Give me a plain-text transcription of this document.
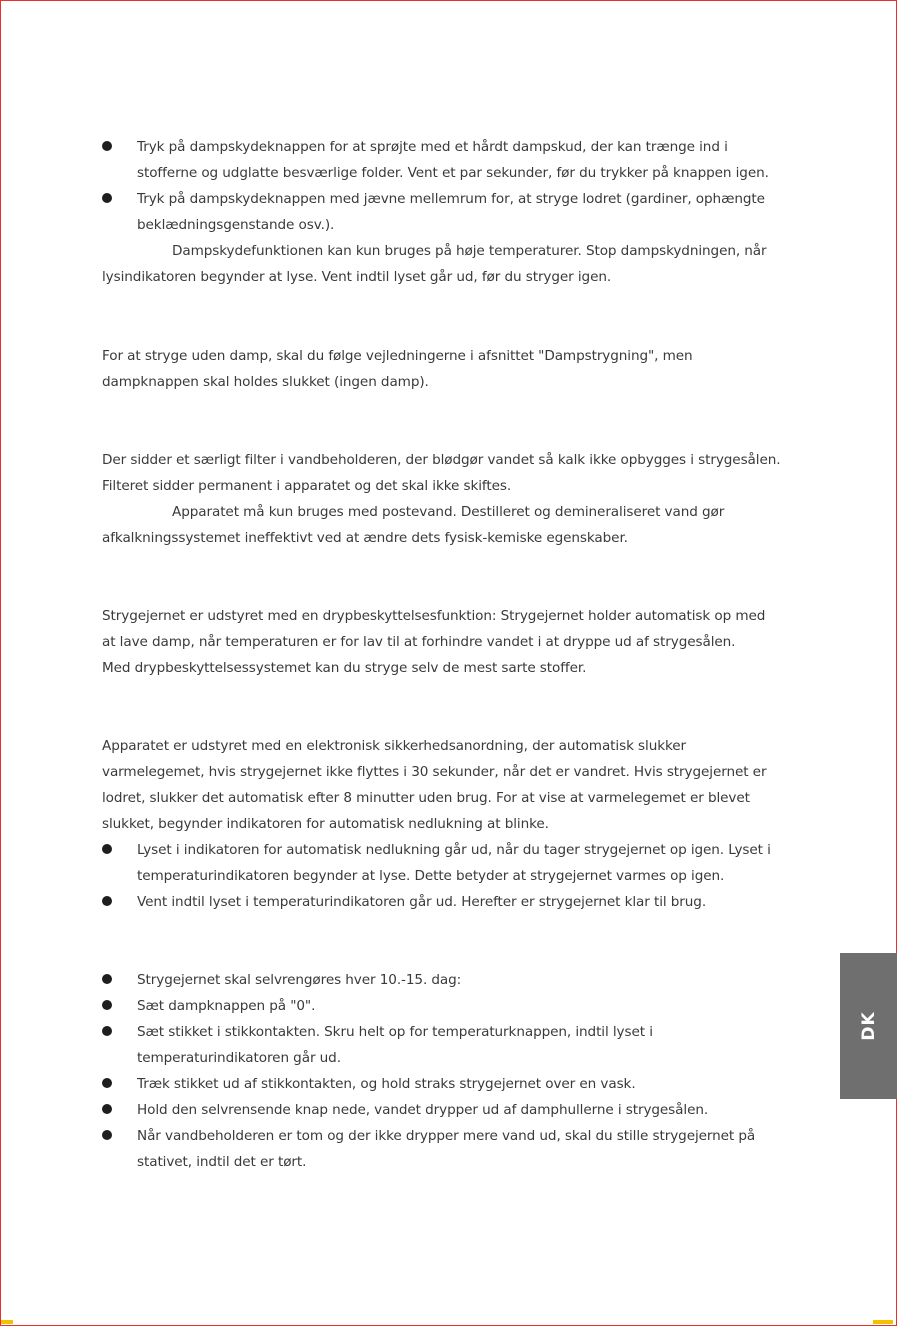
Tryk på dampskydeknappen for at sprøjte med et hårdt dampskud, der kan trænge ind i
stofferne og udglatte besværlige folder. Vent et par sekunder, før du trykker på knappen igen.
Tryk på dampskydeknappen med jævne mellemrum for, at stryge lodret (gardiner, ophængte
beklædningsgenstande osv.).
Dampskydefunktionen kan kun bruges på høje temperaturer. Stop dampskydningen, når
lysindikatoren begynder at lyse. Vent indtil lyset går ud, før du stryger igen.
For at stryge uden damp, skal du følge vejledningerne i afsnittet "Dampstrygning", men
dampknappen skal holdes slukket (ingen damp).
Der sidder et særligt filter i vandbeholderen, der blødgør vandet så kalk ikke opbygges i strygesålen.
Filteret sidder permanent i apparatet og det skal ikke skiftes.
Apparatet må kun bruges med postevand. Destilleret og demineraliseret vand gør
afkalkningssystemet ineffektivt ved at ændre dets fysisk-kemiske egenskaber.
Strygejernet er udstyret med en drypbeskyttelsesfunktion: Strygejernet holder automatisk op med
at lave damp, når temperaturen er for lav til at forhindre vandet i at dryppe ud af strygesålen.
Med drypbeskyttelsessystemet kan du stryge selv de mest sarte stoffer.
Apparatet er udstyret med en elektronisk sikkerhedsanordning, der automatisk slukker
varmelegemet, hvis strygejernet ikke flyttes i 30 sekunder, når det er vandret. Hvis strygejernet er
lodret, slukker det automatisk efter 8 minutter uden brug. For at vise at varmelegemet er blevet
slukket, begynder indikatoren for automatisk nedlukning at blinke.
Lyset i indikatoren for automatisk nedlukning går ud, når du tager strygejernet op igen. Lyset i
temperaturindikatoren begynder at lyse. Dette betyder at strygejernet varmes op igen.
Vent indtil lyset i temperaturindikatoren går ud. Herefter er strygejernet klar til brug.
Strygejernet skal selvrengøres hver 10.-15. dag:
Sæt dampknappen på "0".
Sæt stikket i stikkontakten. Skru helt op for temperaturknappen, indtil lyset i
temperaturindikatoren går ud.
Træk stikket ud af stikkontakten, og hold straks strygejernet over en vask.
Hold den selvrensende knap nede, vandet drypper ud af damphullerne i strygesålen.
Når vandbeholderen er tom og der ikke drypper mere vand ud, skal du stille strygejernet på
stativet, indtil det er tørt.
DK
